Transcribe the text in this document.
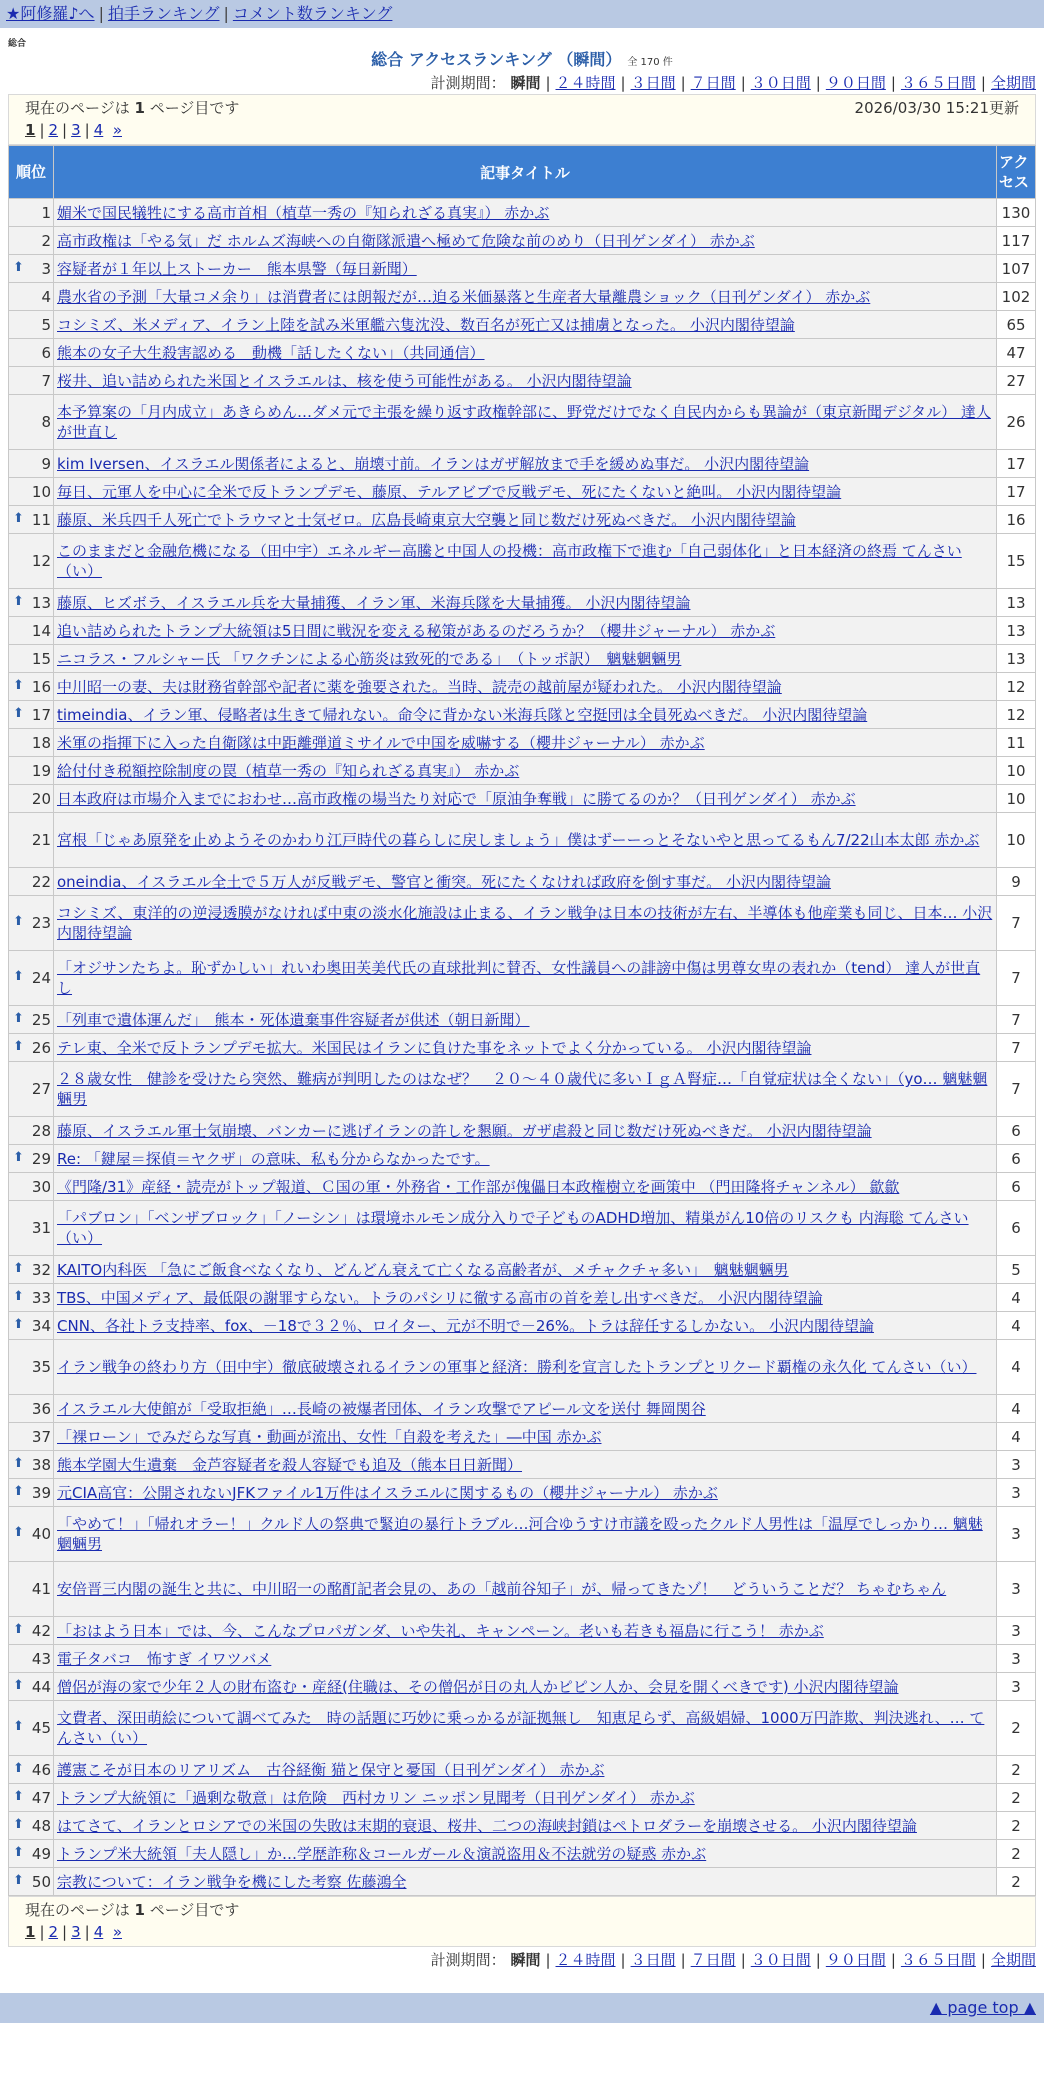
★阿修羅♪へ | 拍手ランキング | コメント数ランキング
総合
総合 アクセスランキング （瞬間） 全 170 件
計測期間： 瞬間 | ２４時間 | ３日間 | ７日間 | ３０日間 | ９０日間 | ３６５日間 | 全期間
現在のページは 1 ページ目です	2026/03/30 15:21更新
1 | 2 | 3 | 4 »
順位	記事タイトル	アクセス
1	媚米で国民犠牲にする高市首相（植草一秀の『知られざる真実』） 赤かぶ	130
2	高市政権は「やる気」だ ホルムズ海峡への自衛隊派遣へ極めて危険な前のめり（日刊ゲンダイ） 赤かぶ	117

⬆ 3	容疑者が１年以上ストーカー　熊本県警（毎日新聞）	107
4	農水省の予測「大量コメ余り」は消費者には朗報だが…迫る米価暴落と生産者大量離農ショック（日刊ゲンダイ） 赤かぶ	102
5	コシミズ、米メディア、イラン上陸を試み米軍艦六隻沈没、数百名が死亡又は捕虜となった。 小沢内閣待望論	65
6	熊本の女子大生殺害認める　動機「話したくない」（共同通信）	47
7	桜井、追い詰められた米国とイスラエルは、核を使う可能性がある。 小沢内閣待望論	27
8	本予算案の「月内成立」あきらめん…ダメ元で主張を繰り返す政権幹部に、野党だけでなく自民内からも異論が（東京新聞デジタル） 達人が世直し	26
9	kim Iversen、イスラエル関係者によると、崩壊寸前。イランはガザ解放まで手を緩めぬ事だ。 小沢内閣待望論	17
10	毎日、元軍人を中心に全米で反トランプデモ、藤原、テルアビブで反戦デモ、死にたくないと絶叫。 小沢内閣待望論	17

⬆ 11	藤原、米兵四千人死亡でトラウマと士気ゼロ。広島長崎東京大空襲と同じ数だけ死ぬべきだ。 小沢内閣待望論	16
12	このままだと金融危機になる（田中宇）エネルギー高騰と中国人の投機：高市政権下で進む「自己弱体化」と日本経済の終焉 てんさい（い）	15

⬆ 13	藤原、ヒズボラ、イスラエル兵を大量捕獲、イラン軍、米海兵隊を大量捕獲。 小沢内閣待望論	13
14	追い詰められたトランプ大統領は5日間に戦況を変える秘策があるのだろうか？（櫻井ジャーナル） 赤かぶ	13
15	ニコラス・フルシャー氏 「ワクチンによる心筋炎は致死的である」　（トッポ訳）　魑魅魍魎男	13

⬆ 16	中川昭一の妻、夫は財務省幹部や記者に薬を強要された。当時、読売の越前屋が疑われた。 小沢内閣待望論	12

⬆ 17	timeindia、イラン軍、侵略者は生きて帰れない。命令に背かない米海兵隊と空挺団は全員死ぬべきだ。 小沢内閣待望論	12
18	米軍の指揮下に入った自衛隊は中距離弾道ミサイルで中国を威嚇する（櫻井ジャーナル） 赤かぶ	11
19	給付付き税額控除制度の罠（植草一秀の『知られざる真実』） 赤かぶ	10
20	日本政府は市場介入までにおわせ…高市政権の場当たり対応で「原油争奪戦」に勝てるのか？（日刊ゲンダイ） 赤かぶ	10
21	宮根「じゃあ原発を止めようそのかわり江戸時代の暮らしに戻しましょう」僕はずーーっとそないやと思ってるもん7/22山本太郎 赤かぶ	10
22	oneindia、イスラエル全土で５万人が反戦デモ、警官と衝突。死にたくなければ政府を倒す事だ。 小沢内閣待望論	9

⬆ 23	コシミズ、東洋的の逆浸透膜がなければ中東の淡水化施設は止まる、イラン戦争は日本の技術が左右、半導体も他産業も同じ、日本… 小沢内閣待望論	7

⬆ 24	「オジサンたちよ。恥ずかしい」れいわ奥田芙美代氏の直球批判に賛否、女性議員への誹謗中傷は男尊女卑の表れか（tend） 達人が世直し	7

⬆ 25	「列車で遺体運んだ」　熊本・死体遺棄事件容疑者が供述（朝日新聞）	7

⬆ 26	テレ東、全米で反トランプデモ拡大。米国民はイランに負けた事をネットでよく分かっている。 小沢内閣待望論	7
27	２８歳女性　健診を受けたら突然、難病が判明したのはなぜ？　２０～４０歳代に多いＩｇＡ腎症…「自覚症状は全くない」（yo… 魑魅魍魎男	7
28	藤原、イスラエル軍士気崩壊、バンカーに逃げイランの許しを懇願。ガザ虐殺と同じ数だけ死ぬべきだ。 小沢内閣待望論	6

⬆ 29	Re: 「鍵屋＝探偵＝ヤクザ」の意味、私も分からなかったです。	6
30	《門隆/31》産経・読売がトップ報道、Ｃ国の軍・外務省・工作部が傀儡日本政権樹立を画策中 （門田隆将チャンネル） 歙歙	6
31	「パブロン」「ベンザブロック」「ノーシン」は環境ホルモン成分入りで子どものADHD増加、精巣がん10倍のリスクも 内海聡 てんさい（い）	6

⬆ 32	KAITO内科医 「急にご飯食べなくなり、どんどん衰えて亡くなる高齢者が、メチャクチャ多い」　魑魅魍魎男	5

⬆ 33	TBS、中国メディア、最低限の謝罪すらない。トラのパシリに徹する高市の首を差し出すべきだ。 小沢内閣待望論	4

⬆ 34	CNN、各社トラ支持率、fox、－18で３２％、ロイター、元が不明で－26%。トラは辞任するしかない。 小沢内閣待望論	4
35	イラン戦争の終わり方（田中宇）徹底破壊されるイランの軍事と経済：勝利を宣言したトランプとリクード覇権の永久化 てんさい（い）	4
36	イスラエル大使館が「受取拒絶」…長崎の被爆者団体、イラン攻撃でアピール文を送付 舞岡関谷	4
37	「裸ローン」でみだらな写真・動画が流出、女性「自殺を考えた」―中国 赤かぶ	4

⬆ 38	熊本学園大生遺棄　金芦容疑者を殺人容疑でも追及（熊本日日新聞）	3

⬆ 39	元CIA高官：公開されないJFKファイル1万件はイスラエルに関するもの（櫻井ジャーナル） 赤かぶ	3

⬆ 40	「やめて！」「帰れオラー！」クルド人の祭典で緊迫の暴行トラブル…河合ゆうすけ市議を殴ったクルド人男性は「温厚でしっかり… 魑魅魍魎男	3
41	安倍晋三内閣の誕生と共に、中川昭一の酩酊記者会見の、あの「越前谷知子」が、帰ってきたゾ！　どういうことだ？ ちゃむちゃん	3

⬆ 42	「おはよう日本」では、今、こんなプロパガンダ、いや失礼、キャンペーン。老いも若きも福島に行こう！ 赤かぶ	3
43	電子タバコ　怖すぎ イワツバメ	3

⬆ 44	僧侶が海の家で少年２人の財布盗む・産経(住職は、その僧侶が日の丸人かピピン人か、会見を開くべきです) 小沢内閣待望論	3

⬆ 45	文費者、深田萌絵について調べてみた　時の話題に巧妙に乗っかるが証拠無し　知恵足らず、高級娼婦、1000万円詐欺、判決逃れ、… てんさい（い）	2

⬆ 46	護憲こそが日本のリアリズム　古谷経衡 猫と保守と憂国（日刊ゲンダイ） 赤かぶ	2

⬆ 47	トランプ大統領に「過剰な敬意」は危険　西村カリン ニッポン見聞考（日刊ゲンダイ） 赤かぶ	2

⬆ 48	はてさて、イランとロシアでの米国の失敗は末期的衰退、桜井、二つの海峡封鎖はペトロダラーを崩壊させる。 小沢内閣待望論	2

⬆ 49	トランプ米大統領「夫人隠し」か…学歴詐称＆コールガール＆演説盗用＆不法就労の疑惑 赤かぶ	2

⬆ 50	宗教について：イラン戦争を機にした考察 佐藤鴻全	2
現在のページは 1 ページ目です
1 | 2 | 3 | 4 »
計測期間： 瞬間 | ２４時間 | ３日間 | ７日間 | ３０日間 | ９０日間 | ３６５日間 | 全期間
▲ page top ▲
